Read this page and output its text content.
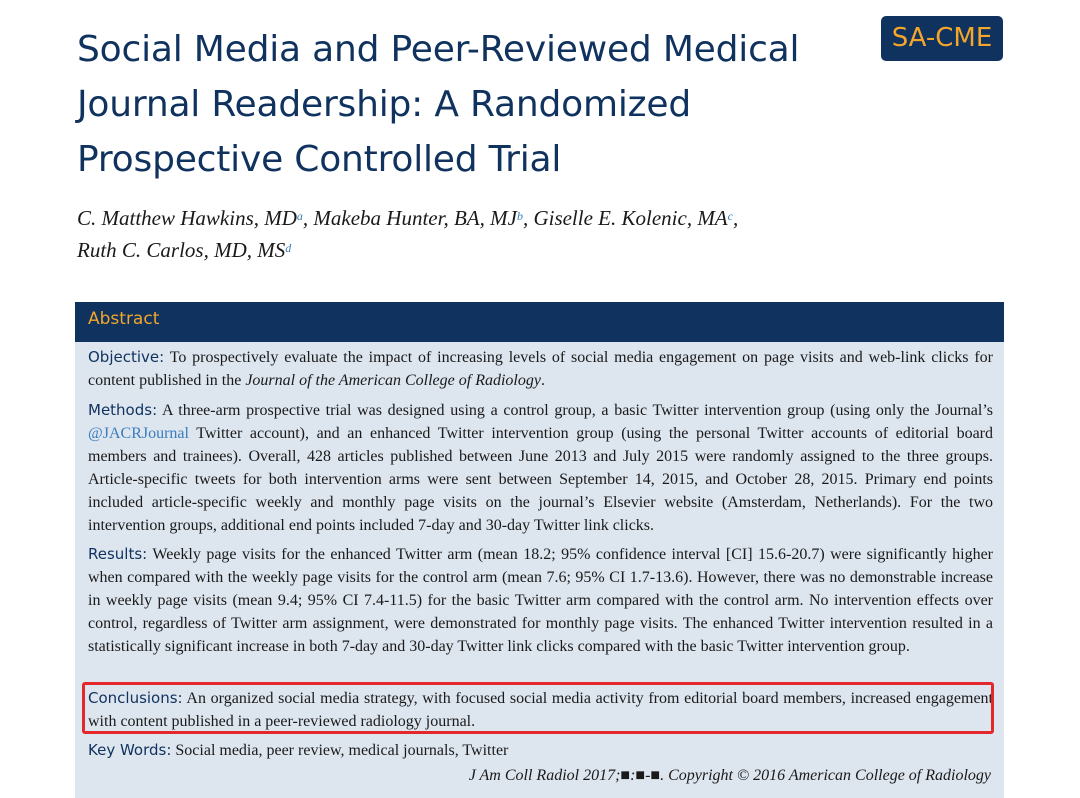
Social Media and Peer-Reviewed Medical Journal Readership: A Randomized Prospective Controlled Trial
SA-CME
C. Matthew Hawkins, $MD^a$, Makeba Hunter, BA, $MJ^b$, Giselle E. Kolenic, $MA^c$,
Ruth C. Carlos, MD, $MS^d$
Abstract

Objective: To prospectively evaluate the impact of increasing levels of social media engagement on page visits and web-link clicks for content published in the Journal of the American College of Radiology.

Methods: A three-arm prospective trial was designed using a control group, a basic Twitter intervention group (using only the Journal’s @JACRJournal Twitter account), and an enhanced Twitter intervention group (using the personal Twitter accounts of editorial board members and trainees). Overall, 428 articles published between June 2013 and July 2015 were randomly assigned to the three groups. Article-specific tweets for both intervention arms were sent between September 14, 2015, and October 28, 2015. Primary end points included article-specific weekly and monthly page visits on the journal’s Elsevier website (Amsterdam, Netherlands). For the two intervention groups, additional end points included 7-day and 30-day Twitter link clicks.

Results: Weekly page visits for the enhanced Twitter arm (mean 18.2; 95% confidence interval [CI] 15.6-20.7) were significantly higher when compared with the weekly page visits for the control arm (mean 7.6; 95% CI 1.7-13.6). However, there was no demonstrable increase in weekly page visits (mean 9.4; 95% CI 7.4-11.5) for the basic Twitter arm compared with the control arm. No intervention effects over control, regardless of Twitter arm assignment, were demonstrated for monthly page visits. The enhanced Twitter intervention resulted in a statistically significant increase in both 7-day and 30-day Twitter link clicks compared with the basic Twitter intervention group.

Conclusions: An organized social media strategy, with focused social media activity from editorial board members, increased engagement with content published in a peer-reviewed radiology journal.

Key Words: Social media, peer review, medical journals, Twitter

J Am Coll Radiol 2017;■:■-■. Copyright © 2016 American College of Radiology
